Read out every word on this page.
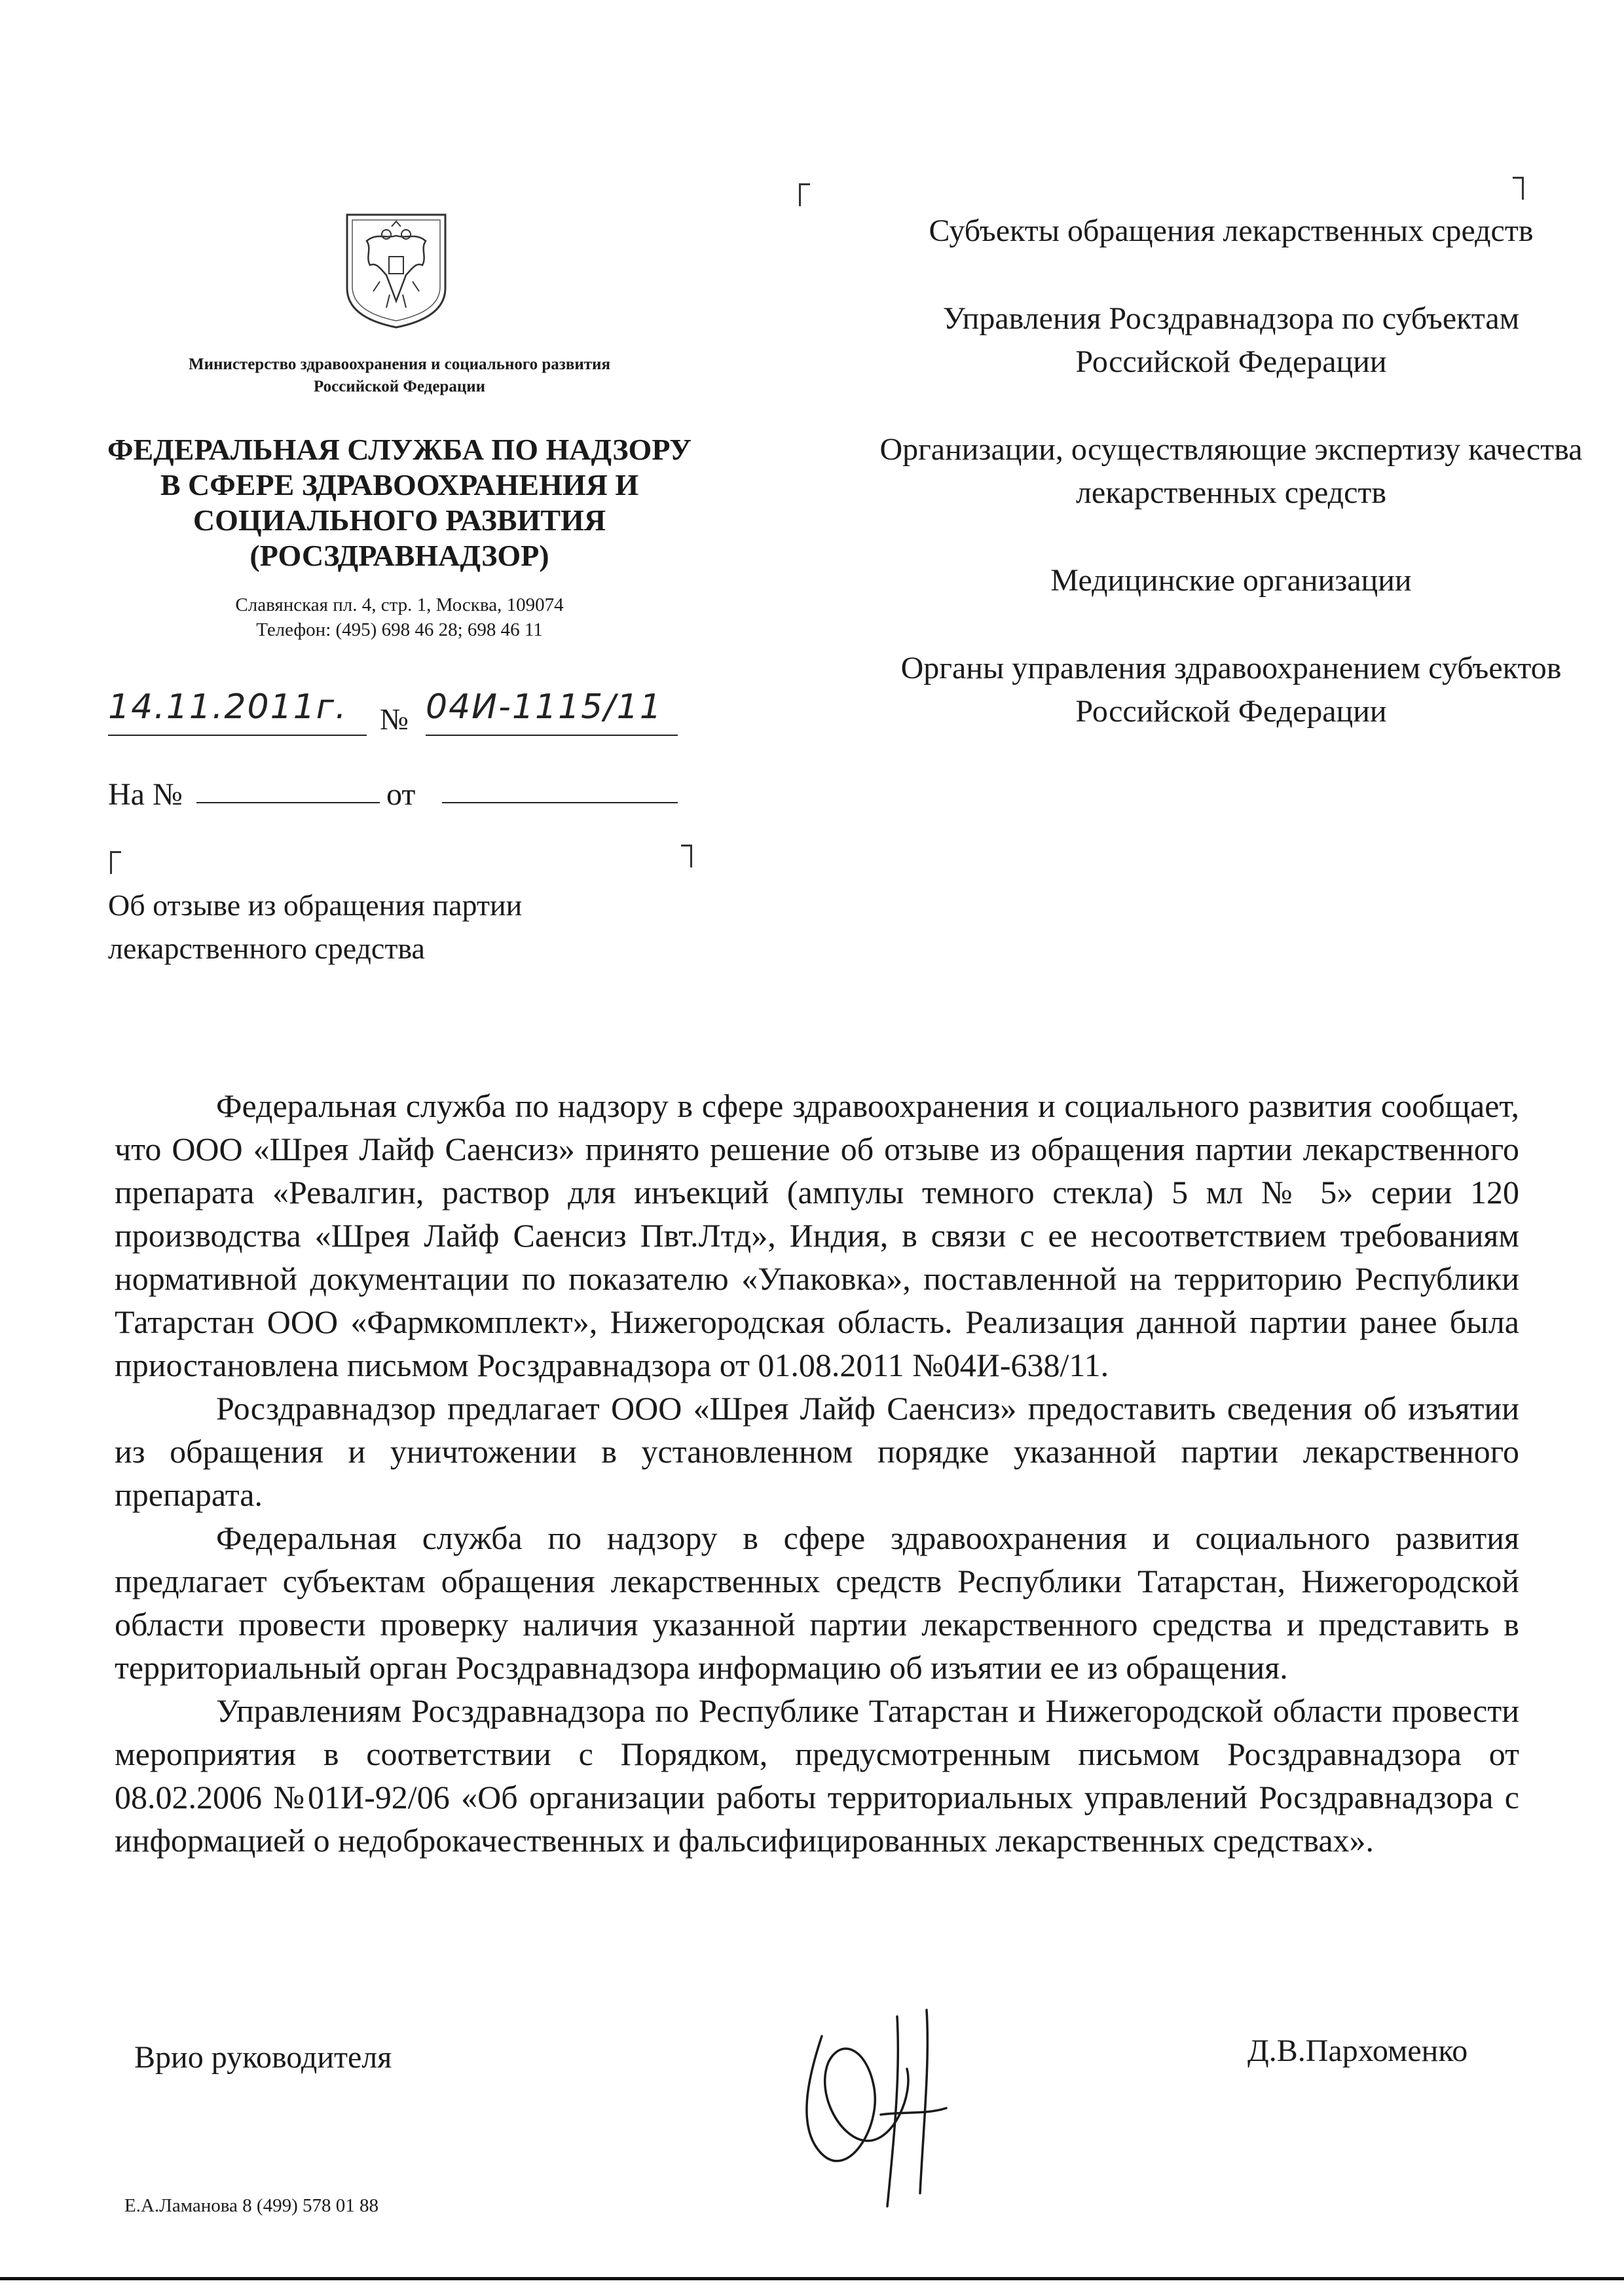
Министерство здравоохранения и социального развития Российской Федерации
ФЕДЕРАЛЬНАЯ СЛУЖБА ПО НАДЗОРУ В СФЕРЕ ЗДРАВООХРАНЕНИЯ И СОЦИАЛЬНОГО РАЗВИТИЯ (РОСЗДРАВНАДЗОР)
Славянская пл. 4, стр. 1, Москва, 109074
Телефон: (495) 698 46 28; 698 46 11
14.11.2011г.	№ 04И-1115/11
На №	от
Об отзыве из обращения партии лекарственного средства
Субъекты обращения лекарственных средств
Управления Росздравнадзора по субъектам Российской Федерации
Организации, осуществляющие экспертизу качества лекарственных средств
Медицинские организации
Органы управления здравоохранением субъектов Российской Федерации

Федеральная служба по надзору в сфере здравоохранения и социального развития сообщает, что ООО «Шрея Лайф Саенсиз» принято решение об отзыве из обращения партии лекарственного препарата «Ревалгин, раствор для инъекций (ампулы темного стекла) 5 мл № 5» серии 120 производства «Шрея Лайф Саенсиз Пвт.Лтд», Индия, в связи с ее несоответствием требованиям нормативной документации по показателю «Упаковка», поставленной на территорию Республики Татарстан ООО «Фармкомплект», Нижегородская область. Реализация данной партии ранее была приостановлена письмом Росздравнадзора от 01.08.2011 №04И-638/11.

Росздравнадзор предлагает ООО «Шрея Лайф Саенсиз» предоставить сведения об изъятии из обращения и уничтожении в установленном порядке указанной партии лекарственного препарата.

Федеральная служба по надзору в сфере здравоохранения и социального развития предлагает субъектам обращения лекарственных средств Республики Татарстан, Нижегородской области провести проверку наличия указанной партии лекарственного средства и представить в территориальный орган Росздравнадзора информацию об изъятии ее из обращения.

Управлениям Росздравнадзора по Республике Татарстан и Нижегородской области провести мероприятия в соответствии с Порядком, предусмотренным письмом Росздравнадзора от 08.02.2006 №01И-92/06 «Об организации работы территориальных управлений Росздравнадзора с информацией о недоброкачественных и фальсифицированных лекарственных средствах».

Врио руководителя	Д.В.Пархоменко
Е.А.Ламанова 8 (499) 578 01 88
